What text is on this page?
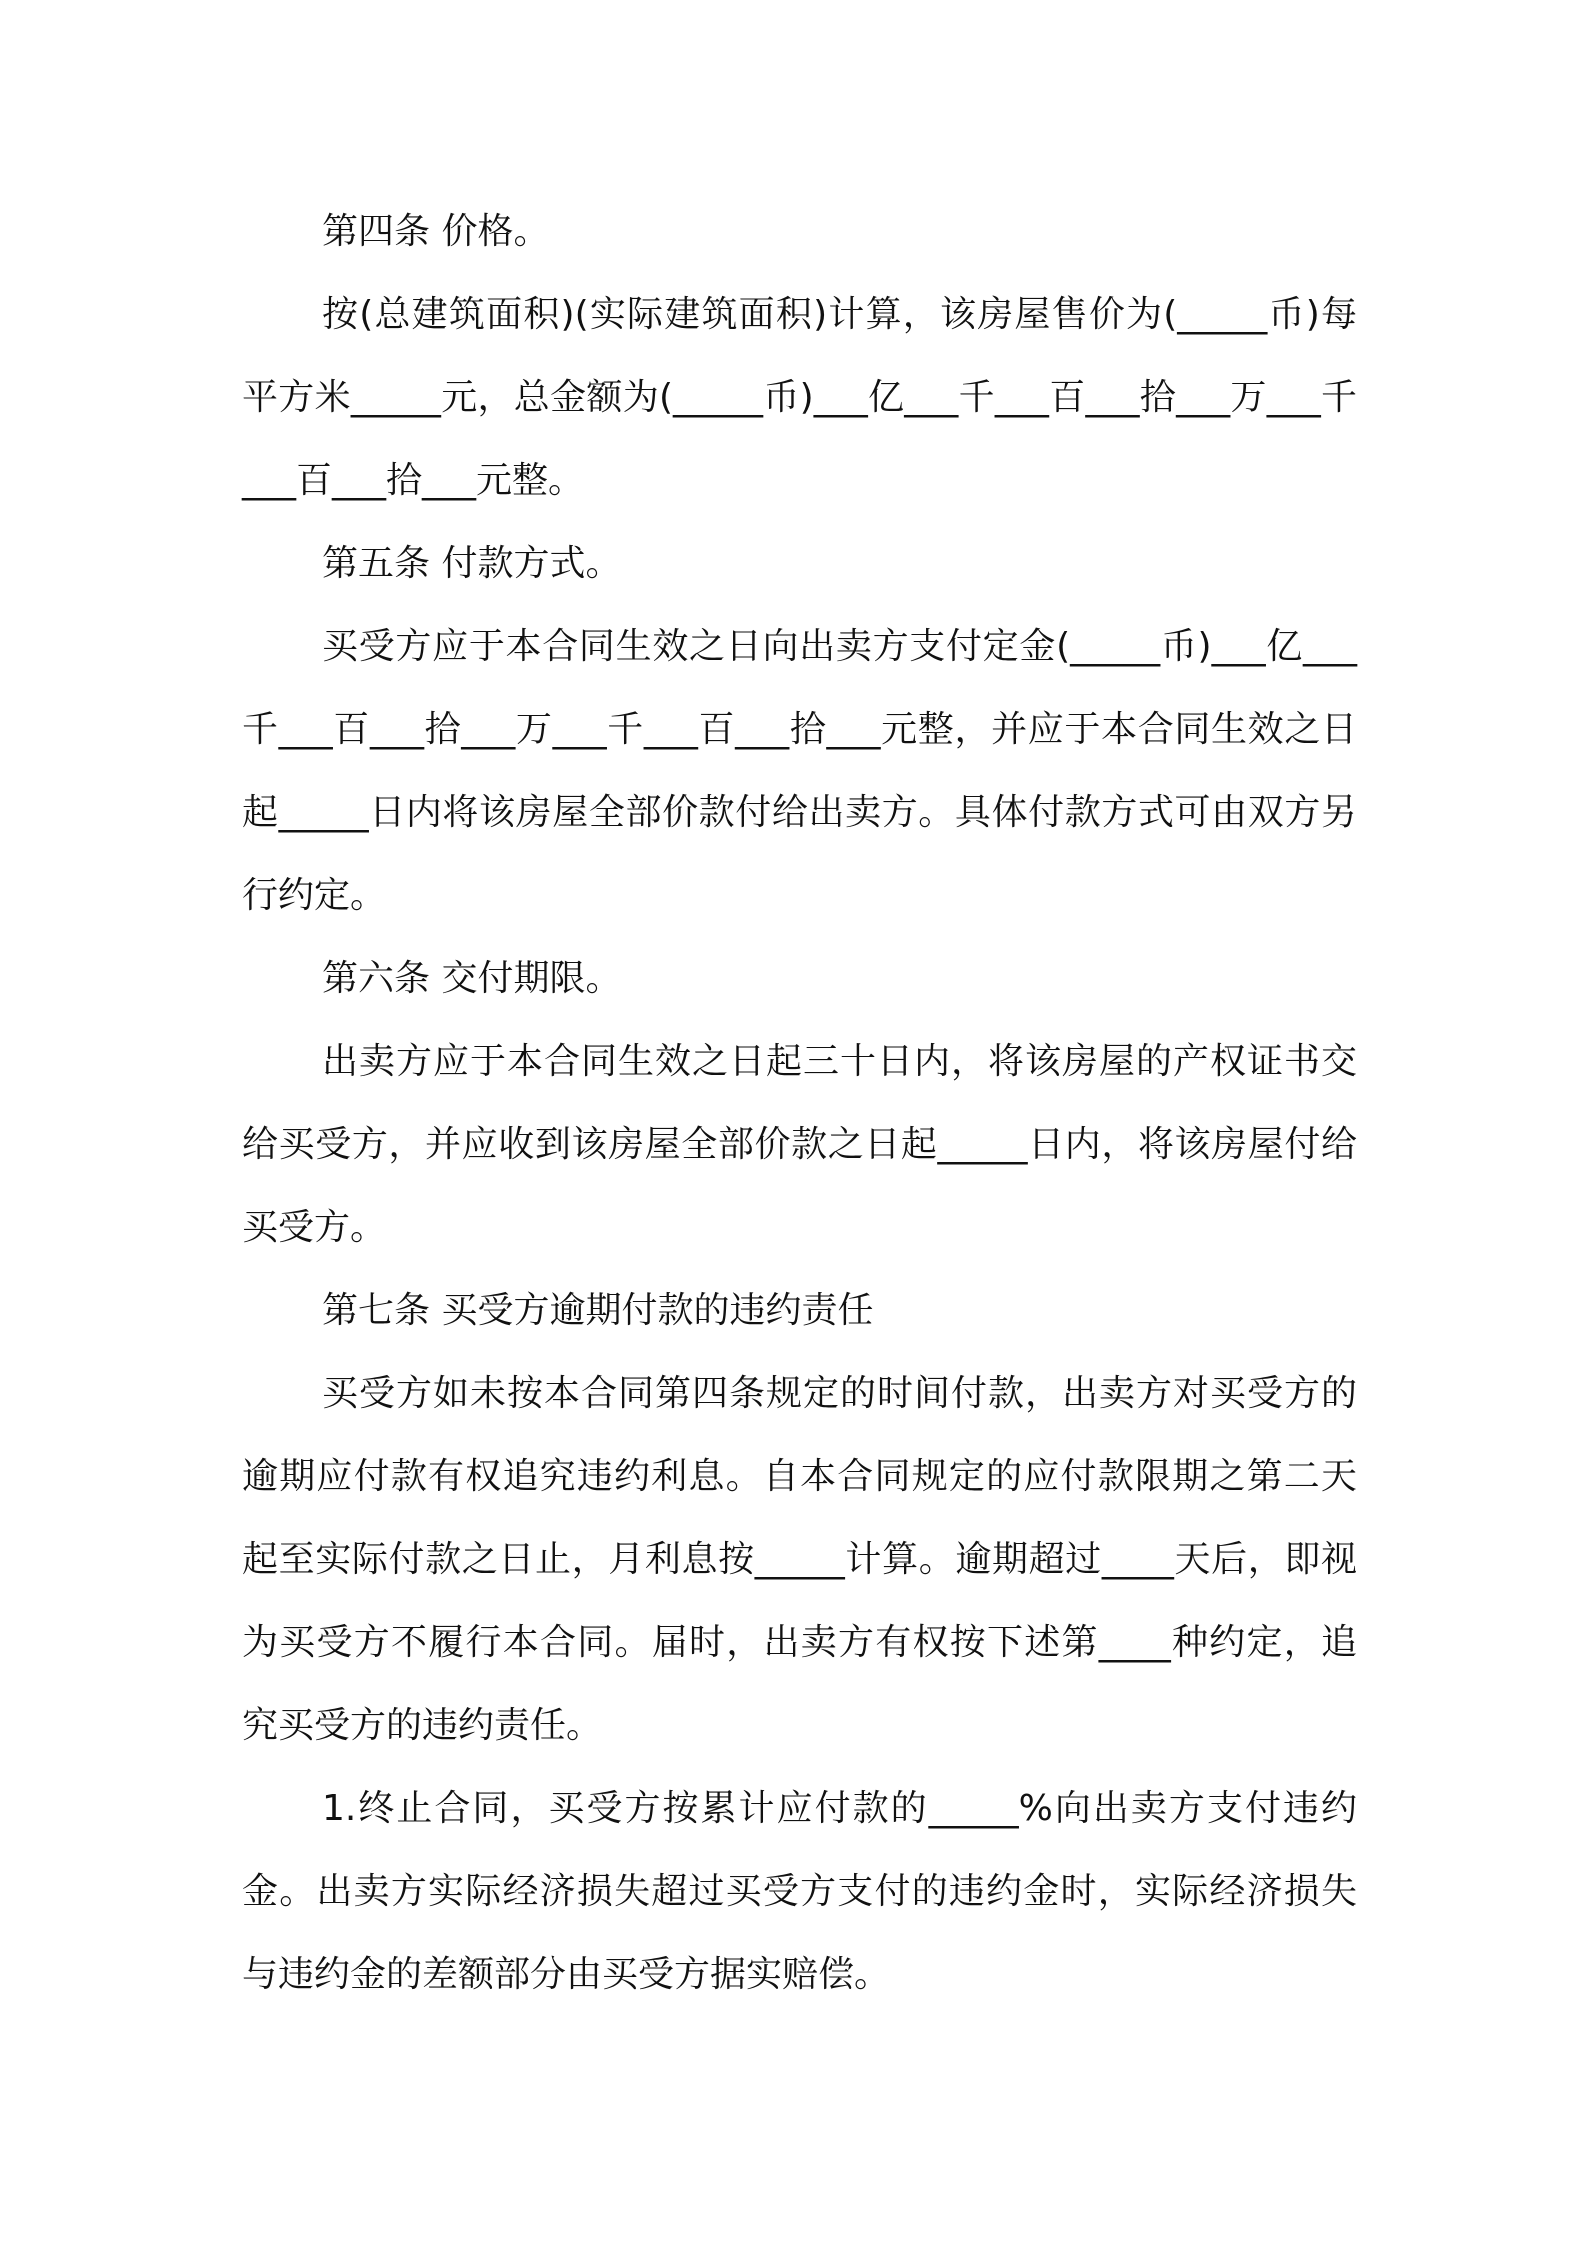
第四条 价格。

按(总建筑面积)(实际建筑面积)计算，该房屋售价为(_____币)每平方米_____元，总金额为(_____币)___亿___千___百___拾___万___千___百___拾___元整。

第五条 付款方式。

买受方应于本合同生效之日向出卖方支付定金(_____币)___亿___千___百___拾___万___千___百___拾___元整，并应于本合同生效之日起_____日内将该房屋全部价款付给出卖方。具体付款方式可由双方另行约定。

第六条 交付期限。

出卖方应于本合同生效之日起三十日内，将该房屋的产权证书交给买受方，并应收到该房屋全部价款之日起_____日内，将该房屋付给买受方。

第七条 买受方逾期付款的违约责任

买受方如未按本合同第四条规定的时间付款，出卖方对买受方的逾期应付款有权追究违约利息。自本合同规定的应付款限期之第二天起至实际付款之日止，月利息按_____计算。逾期超过____天后，即视为买受方不履行本合同。届时，出卖方有权按下述第____种约定，追究买受方的违约责任。

1.终止合同，买受方按累计应付款的_____%向出卖方支付违约金。出卖方实际经济损失超过买受方支付的违约金时，实际经济损失与违约金的差额部分由买受方据实赔偿。
